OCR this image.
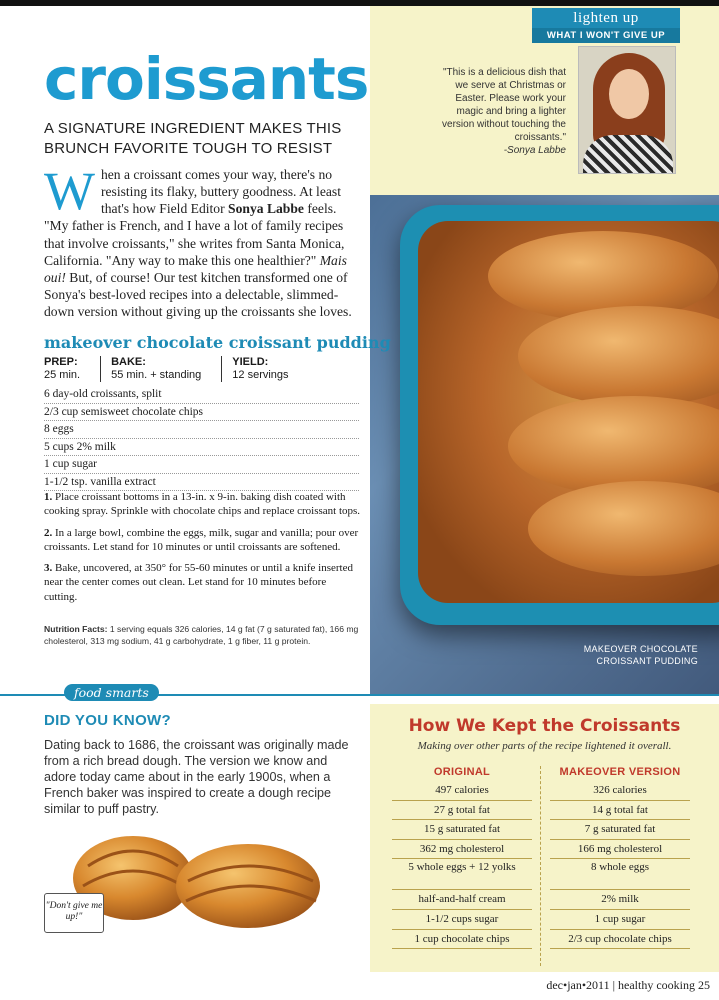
MAKEOVER CHOCOLATE
CROISSANT PUDDING
lighten up
WHAT I WON'T GIVE UP
"This is a delicious dish that we serve at Christmas or Easter. Please work your magic and bring a lighter version without touching the croissants."
-Sonya Labbe
croissants
A SIGNATURE INGREDIENT MAKES THIS BRUNCH FAVORITE TOUGH TO RESIST
When a croissant comes your way, there's no resisting its flaky, buttery goodness. At least that's how Field Editor Sonya Labbe feels. "My father is French, and I have a lot of family recipes that involve croissants," she writes from Santa Monica, California. "Any way to make this one healthier?" Mais oui! But, of course! Our test kitchen transformed one of Sonya's best-loved recipes into a delectable, slimmed-down version without giving up the croissants she loves.
makeover chocolate croissant pudding
PREP:
25 min.
BAKE:
55 min. + standing
YIELD:
12 servings
6 day-old croissants, split
2/3 cup semisweet chocolate chips
8 eggs
5 cups 2% milk
1 cup sugar
1-1/2 tsp. vanilla extract
1. Place croissant bottoms in a 13-in. x 9-in. baking dish coated with cooking spray. Sprinkle with chocolate chips and replace croissant tops.
2. In a large bowl, combine the eggs, milk, sugar and vanilla; pour over croissants. Let stand for 10 minutes or until croissants are softened.
3. Bake, uncovered, at 350° for 55-60 minutes or until a knife inserted near the center comes out clean. Let stand for 10 minutes before cutting.
Nutrition Facts: 1 serving equals 326 calories, 14 g fat (7 g saturated fat), 166 mg cholesterol, 313 mg sodium, 41 g carbohydrate, 1 g fiber, 11 g protein.
food smarts
DID YOU KNOW?
Dating back to 1686, the croissant was originally made from a rich bread dough. The version we know and adore today came about in the early 1900s, when a French baker was inspired to create a dough recipe similar to puff pastry.
"Don't give me up!"
How We Kept the Croissants
Making over other parts of the recipe lightened it overall.
ORIGINAL
497 calories
27 g total fat
15 g saturated fat
362 mg cholesterol
5 whole eggs + 12 yolks
half-and-half cream
1-1/2 cups sugar
1 cup chocolate chips
MAKEOVER VERSION
326 calories
14 g total fat
7 g saturated fat
166 mg cholesterol
8 whole eggs
2% milk
1 cup sugar
2/3 cup chocolate chips
dec•jan•2011 | healthy cooking 25
